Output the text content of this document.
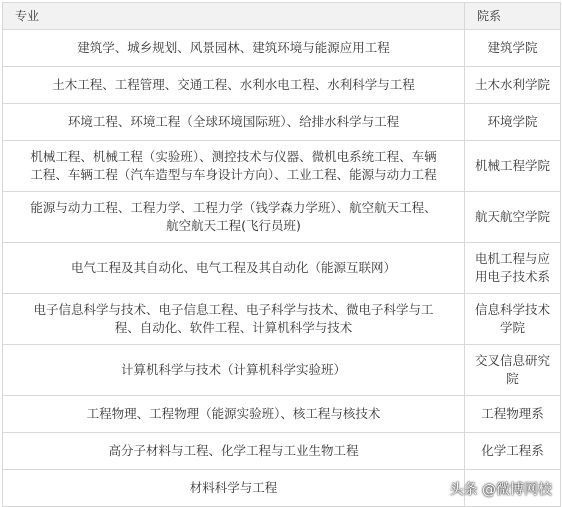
专业	院系
建筑学、城乡规划、风景园林、建筑环境与能源应用工程	建筑学院
土木工程、工程管理、交通工程、水利水电工程、水利科学与工程	土木水利学院
环境工程、环境工程（全球环境国际班）、给排水科学与工程	环境学院
机械工程、机械工程（实验班）、测控技术与仪器、微机电系统工程、车辆
工程、车辆工程（汽车造型与车身设计方向）、工业工程、能源与动力工程	机械工程学院
能源与动力工程、工程力学、工程力学（钱学森力学班）、航空航天工程、
航空航天工程(飞行员班)	航天航空学院
电气工程及其自动化、电气工程及其自动化（能源互联网）	电机工程与应
用电子技术系
电子信息科学与技术、电子信息工程、电子科学与技术、微电子科学与工
程、自动化、软件工程、计算机科学与技术	信息科学技术
学院
计算机科学与技术（计算机科学实验班）	交叉信息研究
院
工程物理、工程物理（能源实验班）、核工程与核技术	工程物理系
高分子材料与工程、化学工程与工业生物工程	化学工程系
材料科学与工程		头条 @微博网校
